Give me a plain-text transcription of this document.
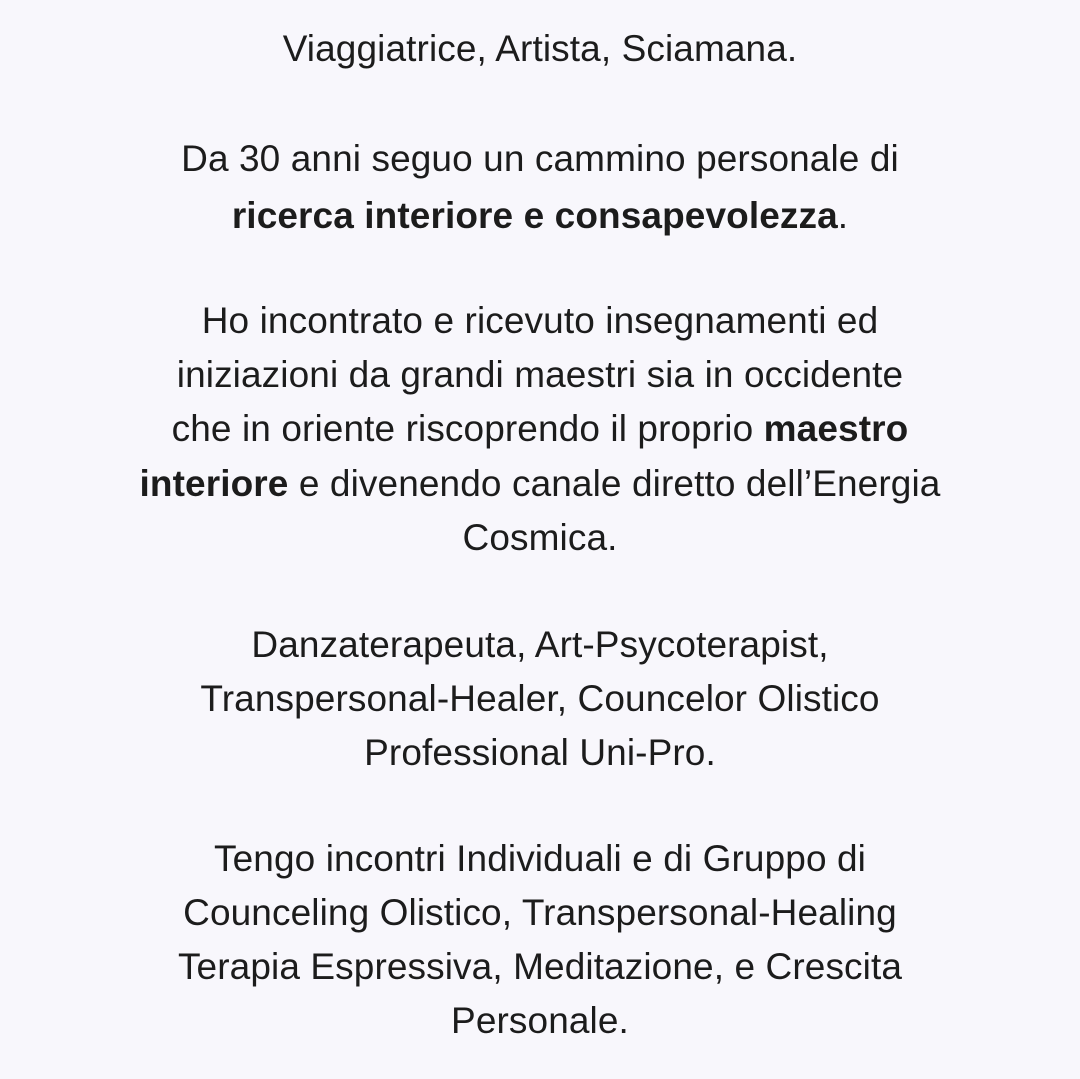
Viaggiatrice, Artista, Sciamana.
Da 30 anni seguo un cammino personale di
ricerca interiore e consapevolezza.
Ho incontrato e ricevuto insegnamenti ed
iniziazioni da grandi maestri sia in occidente
che in oriente riscoprendo il proprio maestro
interiore e divenendo canale diretto dell’Energia
Cosmica.
Danzaterapeuta, Art-Psycoterapist,
Transpersonal-Healer, Councelor Olistico
Professional Uni-Pro.
Tengo incontri Individuali e di Gruppo di
Counceling Olistico, Transpersonal-Healing
Terapia Espressiva, Meditazione, e Crescita
Personale.
